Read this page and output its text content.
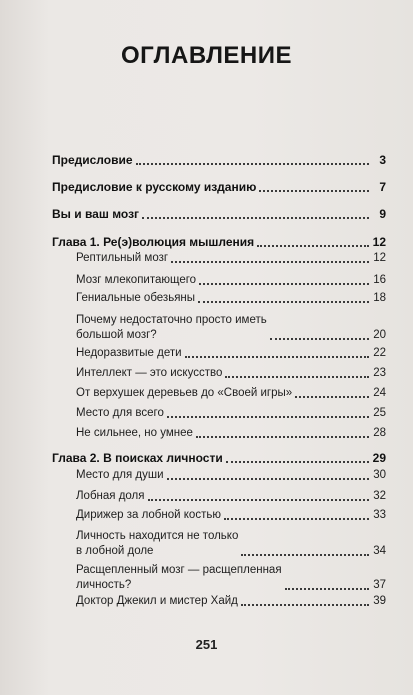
ОГЛАВЛЕНИЕ
Предисловие	3
Предисловие к русскому изданию	7
Вы и ваш мозг	9
Глава 1. Ре(э)волюция мышления	12
Рептильный мозг	12
Мозг млекопитающего	16
Гениальные обезьяны	18
Почему недостаточно просто иметь
большой мозг?	20
Недоразвитые дети	22
Интеллект — это искусство	23
От верхушек деревьев до «Своей игры»	24
Место для всего	25
Не сильнее, но умнее	28
Глава 2. В поисках личности	29
Место для души	30
Лобная доля	32
Дирижер за лобной костью	33
Личность находится не только
в лобной доле	34
Расщепленный мозг — расщепленная
личность?	37
Доктор Джекил и мистер Хайд	39
251
